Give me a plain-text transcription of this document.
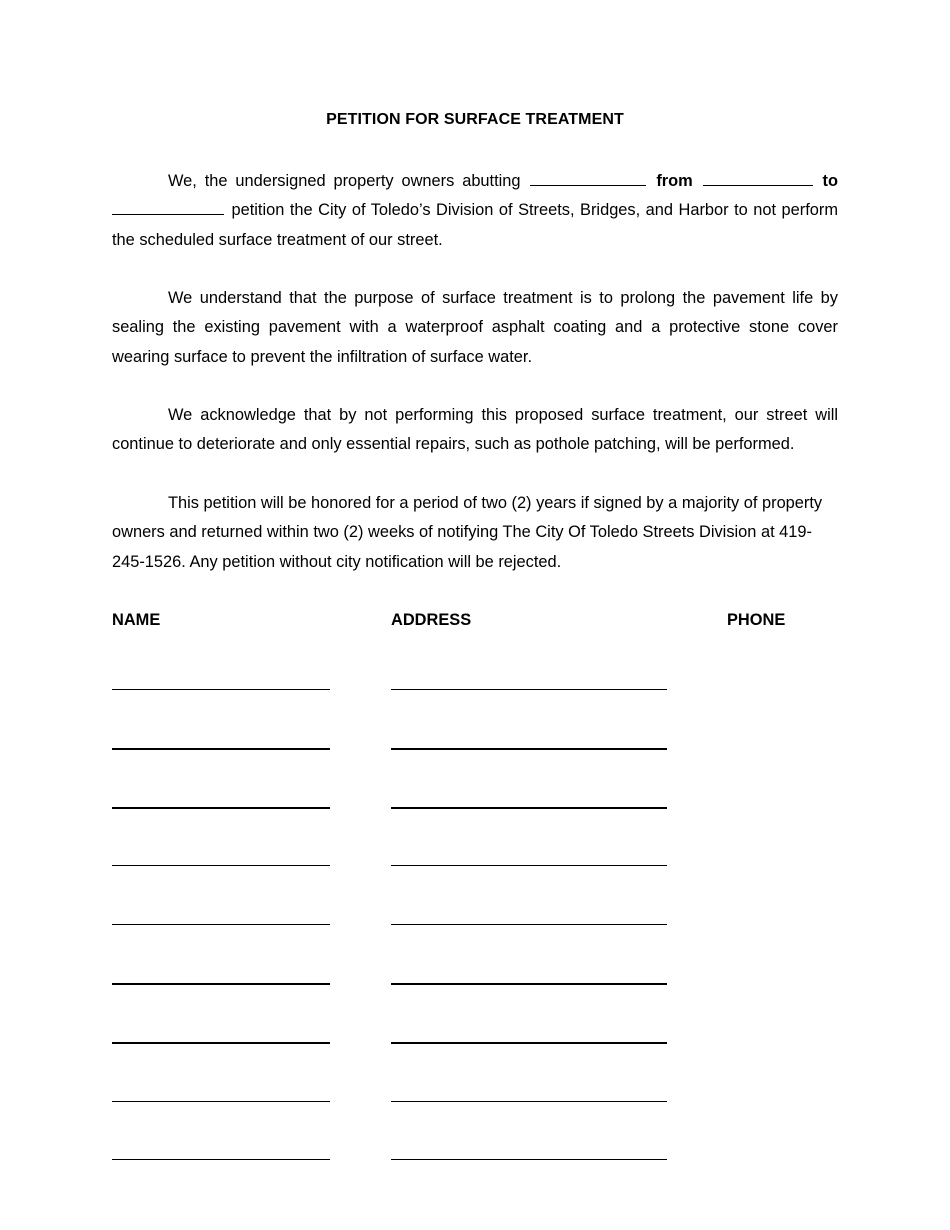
PETITION FOR SURFACE TREATMENT

We, the undersigned property owners abutting	from	to  petition the City of Toledo’s Division of Streets, Bridges, and Harbor to not perform the scheduled surface treatment of our street.

We understand that the purpose of surface treatment is to prolong the pavement life by sealing the existing pavement with a waterproof asphalt coating and a protective stone cover wearing surface to prevent the infiltration of surface water.

We acknowledge that by not performing this proposed surface treatment, our street will continue to deteriorate and only essential repairs, such as pothole patching, will be performed.

This petition will be honored for a period of two (2) years if signed by a majority of property owners and returned within two (2) weeks of notifying The City Of Toledo Streets Division at 419-245-1526. Any petition without city notification will be rejected.

NAME	ADDRESS	PHONE
